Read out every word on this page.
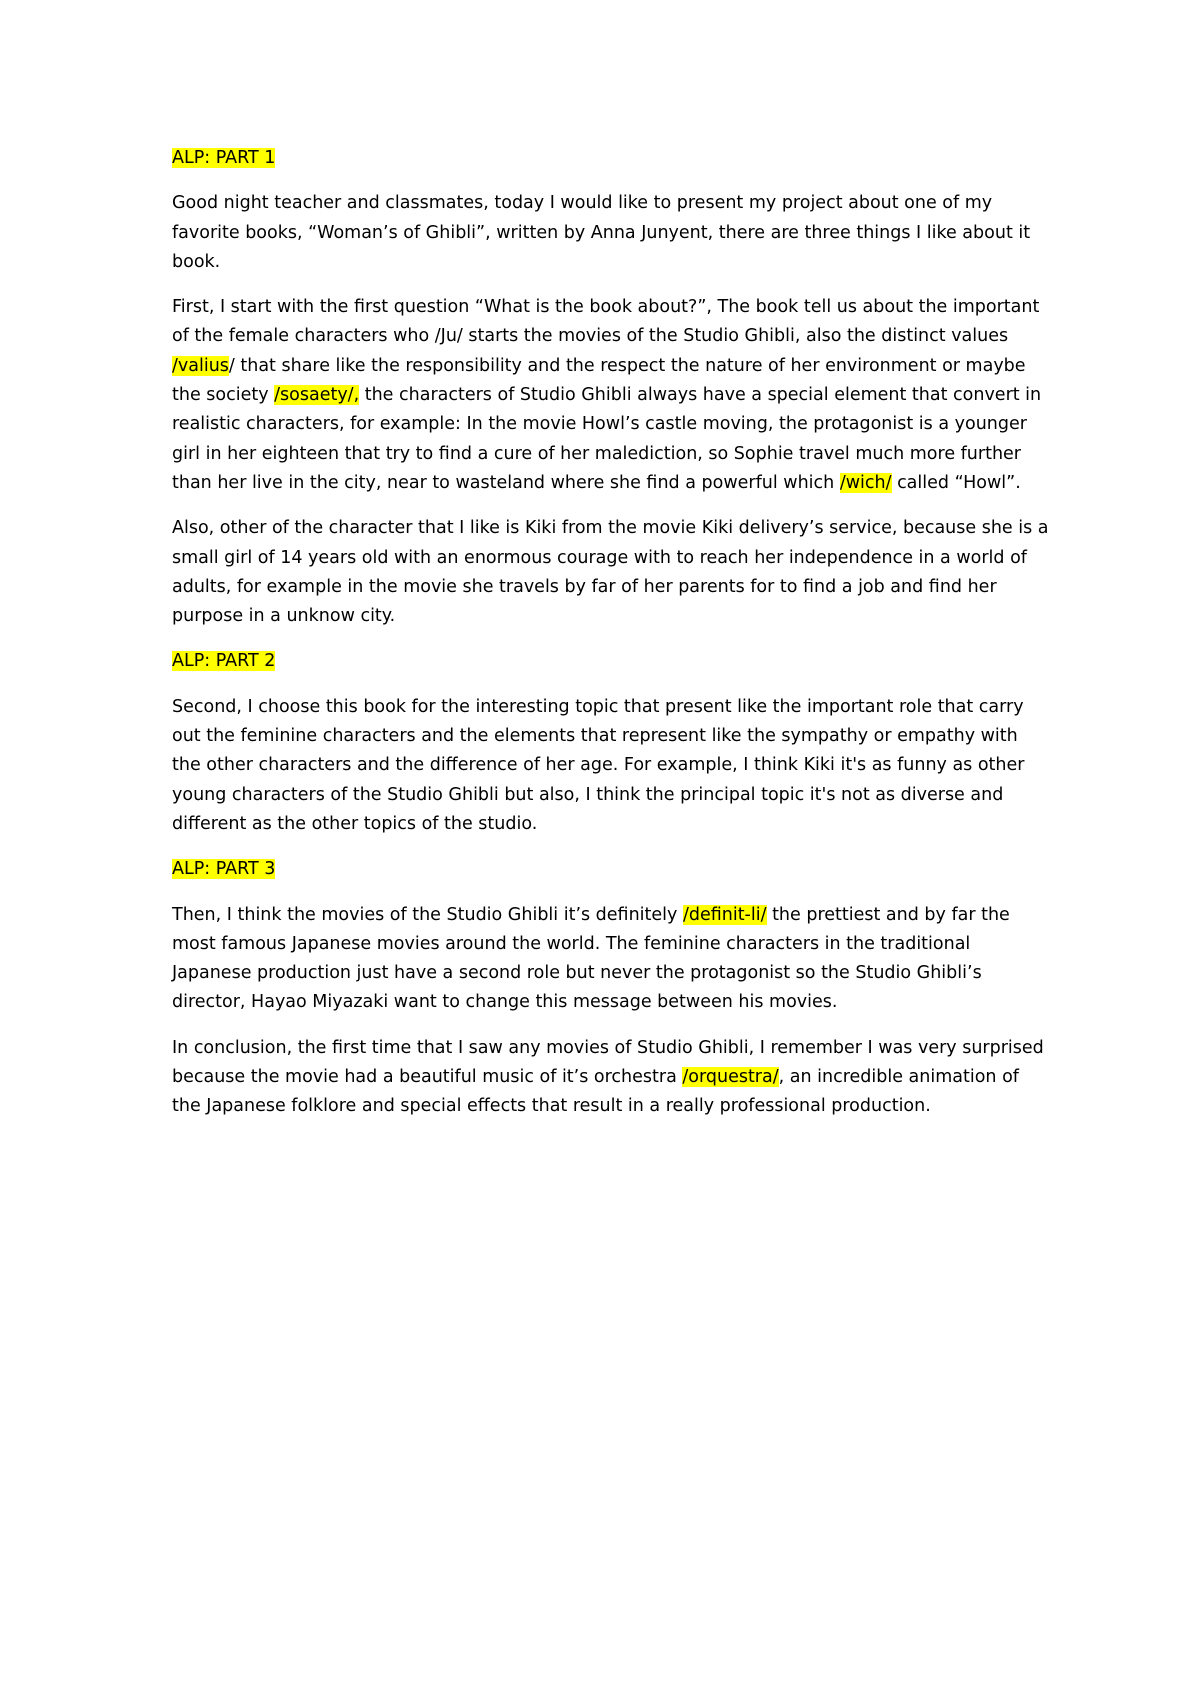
ALP: PART 1

Good night teacher and classmates, today I would like to present my project about one of my favorite books, “Woman’s of Ghibli”, written by Anna Junyent, there are three things I like about it book.

First, I start with the first question “What is the book about?”, The book tell us about the important of the female characters who /Ju/ starts the movies of the Studio Ghibli, also the distinct values /valius/ that share like the responsibility and the respect the nature of her environment or maybe the society /sosaety/, the characters of Studio Ghibli always have a special element that convert in realistic characters, for example: In the movie Howl’s castle moving, the protagonist is a younger girl in her eighteen that try to find a cure of her malediction, so Sophie travel much more further than her live in the city, near to wasteland where she find a powerful which /wich/ called “Howl”.

Also, other of the character that I like is Kiki from the movie Kiki delivery’s service, because she is a small girl of 14 years old with an enormous courage with to reach her independence in a world of adults, for example in the movie she travels by far of her parents for to find a job and find her purpose in a unknow city.

ALP: PART 2

Second, I choose this book for the interesting topic that present like the important role that carry out the feminine characters and the elements that represent like the sympathy or empathy with the other characters and the difference of her age. For example, I think Kiki it's as funny as other young characters of the Studio Ghibli but also, I think the principal topic it's not as diverse and different as the other topics of the studio.

ALP: PART 3

Then, I think the movies of the Studio Ghibli it’s definitely /definit-li/ the prettiest and by far the most famous Japanese movies around the world. The feminine characters in the traditional Japanese production just have a second role but never the protagonist so the Studio Ghibli’s director, Hayao Miyazaki want to change this message between his movies.

In conclusion, the first time that I saw any movies of Studio Ghibli, I remember I was very surprised because the movie had a beautiful music of it’s orchestra /orquestra/, an incredible animation of the Japanese folklore and special effects that result in a really professional production.
